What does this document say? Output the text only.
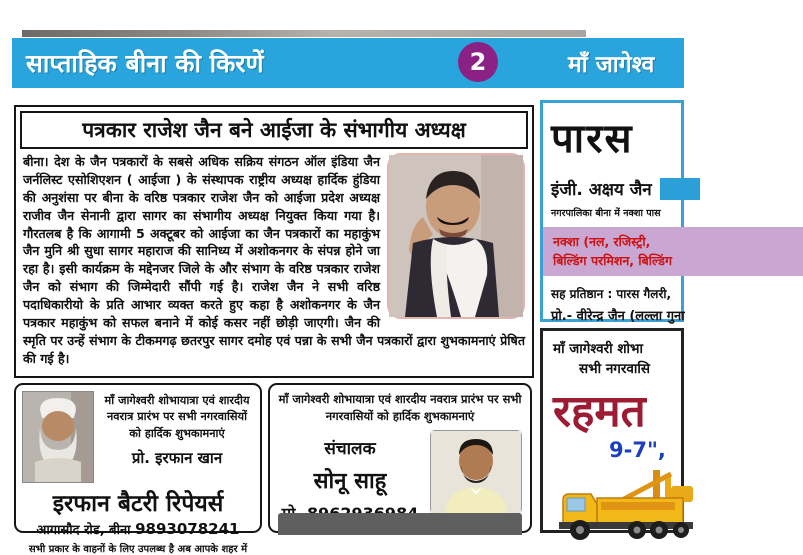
साप्ताहिक बीना की किरणें	2	माँ जागेश्व
पत्रकार राजेश जैन बने आईजा के संभागीय अध्यक्ष
बीना। देश के जैन पत्रकारों के सबसे अधिक सक्रिय संगठन ऑल इंडिया जैन जर्नलिस्ट एसोशिएशन ( आईजा ) के संस्थापक राष्ट्रीय अध्यक्ष हार्दिक हुंडिया की अनुशंसा पर बीना के वरिष्ठ पत्रकार राजेश जैन को आईजा प्रदेश अध्यक्ष राजीव जैन सेनानी द्वारा सागर का संभागीय अध्यक्ष नियुक्त किया गया है। गौरतलब है कि आगामी 5 अक्टूबर को आईजा का जैन पत्रकारों का महाकुंभ जैन मुनि श्री सुधा सागर महाराज की सानिध्य में अशोकनगर के संपन्न होने जा रहा है। इसी कार्यक्रम के मद्देनजर जिले के और संभाग के वरिष्ठ पत्रकार राजेश जैन को संभाग की जिम्मेदारी सौंपी गई है। राजेश जैन ने सभी वरिष्ठ पदाधिकारीयो के प्रति आभार व्यक्त करते हुए कहा है अशोकनगर के जैन पत्रकार महाकुंभ को सफल बनाने में कोई कसर नहीं छोड़ी जाएगी। जैन की स्मृति पर उन्हें संभाग के टीकमगढ़ छतरपुर सागर दमोह एवं पन्ना के सभी जैन पत्रकारों द्वारा शुभकामनाएं प्रेषित की गई है।
पारस
इंजी. अक्षय जैन
नगरपालिका बीना में नक्शा पास
नक्शा (नल, रजिस्ट्री,
बिल्डिंग परमिशन, बिल्डिंग
सह प्रतिष्ठान : पारस गैलरी,
प्रो.- वीरेन्द्र जैन (लल्ला गुना
माँ जागेश्वरी शोभा
सभी नगरवासि
रहमत
9-7",
माँ जागेश्वरी शोभायात्रा एवं शारदीय नवरात्र प्रारंभ पर सभी नगरवासियों को हार्दिक शुभकामनाएं
प्रो. इरफान खान
इरफान बैटरी रिपेयर्स
आगासौद रोड, बीना 9893078241
सभी प्रकार के वाहनों के लिए उपलब्ध है अब आपके शहर में
माँ जागेश्वरी शोभायात्रा एवं शारदीय नवरात्र प्रारंभ पर सभी नगरवासियों को हार्दिक शुभकामनाएं
संचालक
सोनू साहू
